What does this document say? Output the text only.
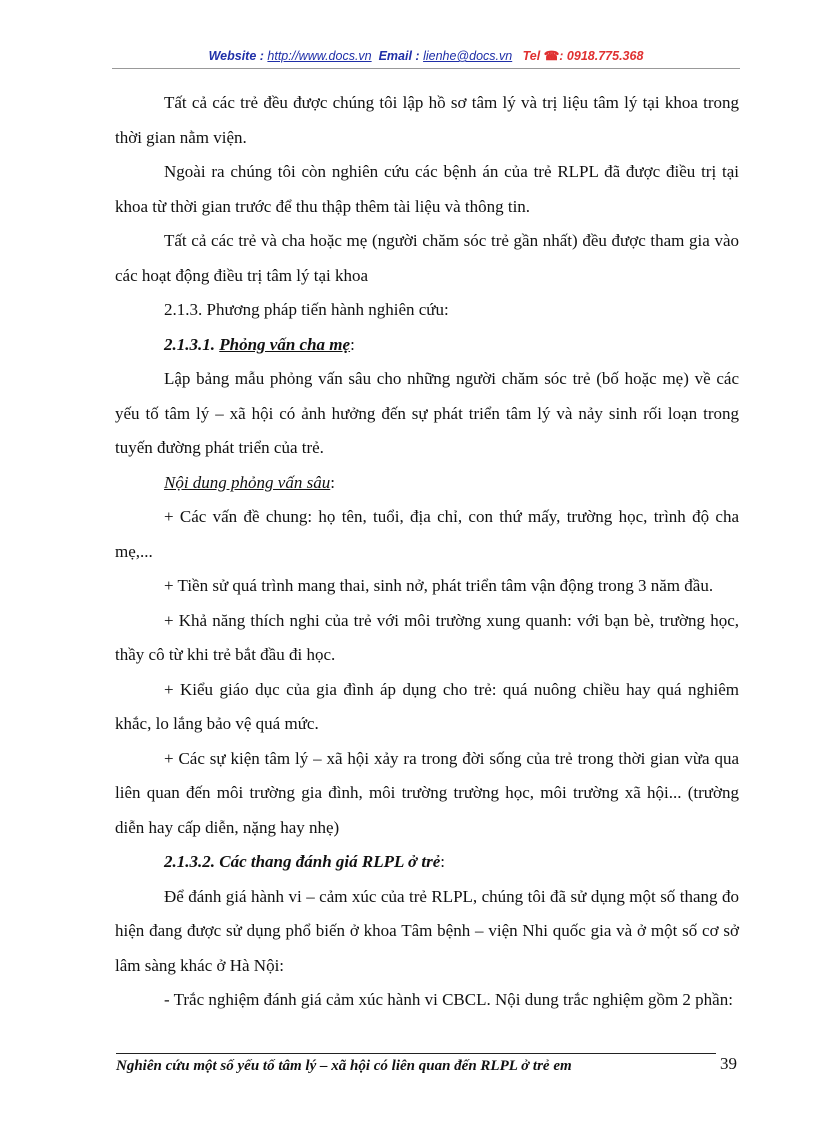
Website : http://www.docs.vn Email : lienhe@docs.vn Tel ☎: 0918.775.368

Tất cả các trẻ đều được chúng tôi lập hồ sơ tâm lý và trị liệu tâm lý tại khoa trong thời gian nằm viện.

Ngoài ra chúng tôi còn nghiên cứu các bệnh án của trẻ RLPL đã được điều trị tại khoa từ thời gian trước để thu thập thêm tài liệu và thông tin.

Tất cả các trẻ và cha hoặc mẹ (người chăm sóc trẻ gần nhất) đều được tham gia vào các hoạt động điều trị tâm lý tại khoa

2.1.3. Phương pháp tiến hành nghiên cứu:

2.1.3.1. Phỏng vấn cha mẹ:

Lập bảng mẫu phỏng vấn sâu cho những người chăm sóc trẻ (bố hoặc mẹ) về các yếu tố tâm lý – xã hội có ảnh hưởng đến sự phát triển tâm lý và nảy sinh rối loạn trong tuyến đường phát triển của trẻ.

Nội dung phỏng vấn sâu:

+ Các vấn đề chung: họ tên, tuổi, địa chỉ, con thứ mấy, trường học, trình độ cha mẹ,...

+ Tiền sử quá trình mang thai, sinh nở, phát triển tâm vận động trong 3 năm đầu.

+ Khả năng thích nghi của trẻ với môi trường xung quanh: với bạn bè, trường học, thầy cô từ khi trẻ bắt đầu đi học.

+ Kiểu giáo dục của gia đình áp dụng cho trẻ: quá nuông chiều hay quá nghiêm khắc, lo lắng bảo vệ quá mức.

+ Các sự kiện tâm lý – xã hội xảy ra trong đời sống của trẻ trong thời gian vừa qua liên quan đến môi trường gia đình, môi trường trường học, môi trường xã hội... (trường diễn hay cấp diễn, nặng hay nhẹ)

2.1.3.2. Các thang đánh giá RLPL ở trẻ:

Để đánh giá hành vi – cảm xúc của trẻ RLPL, chúng tôi đã sử dụng một số thang đo hiện đang được sử dụng phổ biến ở khoa Tâm bệnh – viện Nhi quốc gia và ở một số cơ sở lâm sàng khác ở Hà Nội:

- Trắc nghiệm đánh giá cảm xúc hành vi CBCL. Nội dung trắc nghiệm gồm 2 phần:

Nghiên cứu một số yếu tố tâm lý – xã hội có liên quan đến RLPL ở trẻ em	39
